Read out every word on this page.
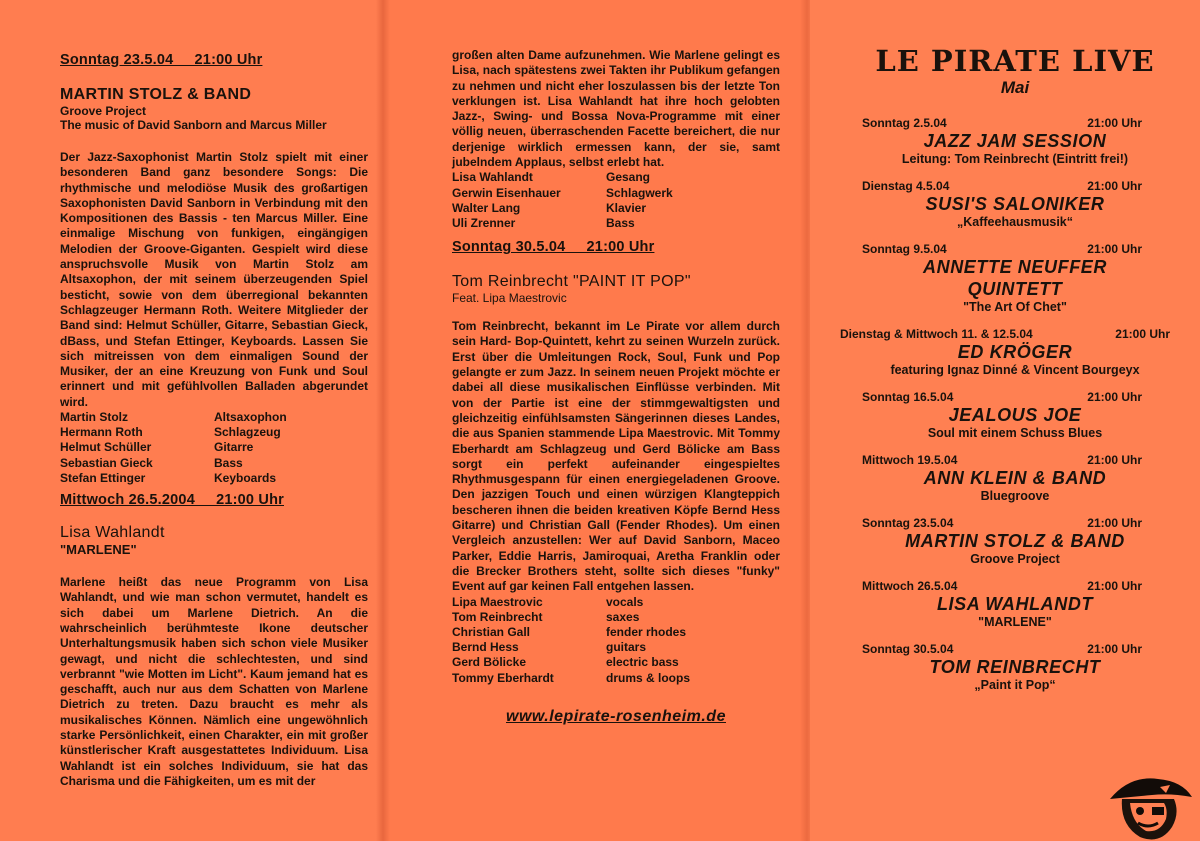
Sonntag 23.5.04     21:00 Uhr

MARTIN STOLZ & BAND

Groove Project

The music of David Sanborn and Marcus Miller

Der Jazz-Saxophonist Martin Stolz spielt mit einer besonderen Band ganz besondere Songs: Die rhythmische und melodiöse Musik des großartigen Saxophonisten David Sanborn in Verbindung mit den Kompositionen des Bassis - ten Marcus Miller. Eine einmalige Mischung von funkigen, eingängigen Melodien der Groove-Giganten. Gespielt wird diese anspruchsvolle Musik von Martin Stolz am Altsaxophon, der mit seinem überzeugenden Spiel besticht, sowie von dem überregional bekannten Schlagzeuger Hermann Roth. Weitere Mitglieder der Band sind: Helmut Schüller, Gitarre, Sebastian Gieck, dBass, und Stefan Ettinger, Keyboards. Lassen Sie sich mitreissen von dem einmaligen Sound der Musiker, der an eine Kreuzung von Funk und Soul erinnert und mit gefühlvollen Balladen abgerundet wird.

Martin Stolz	Altsaxophon
Hermann Roth	Schlagzeug
Helmut Schüller	Gitarre
Sebastian Gieck	Bass
Stefan Ettinger	Keyboards

Mittwoch 26.5.2004     21:00 Uhr

Lisa Wahlandt

"MARLENE"

Marlene heißt das neue Programm von Lisa Wahlandt, und wie man schon vermutet, handelt es sich dabei um Marlene Dietrich. An die wahrscheinlich berühmteste Ikone deutscher Unterhaltungsmusik haben sich schon viele Musiker gewagt, und nicht die schlechtesten, und sind verbrannt "wie Motten im Licht". Kaum jemand hat es geschafft, auch nur aus dem Schatten von Marlene Dietrich zu treten. Dazu braucht es mehr als musikalisches Können. Nämlich eine ungewöhnlich starke Persönlichkeit, einen Charakter, ein mit großer künstlerischer Kraft ausgestattetes Individuum. Lisa Wahlandt ist ein solches Individuum, sie hat das Charisma und die Fähigkeiten, um es mit der

großen alten Dame aufzunehmen. Wie Marlene gelingt es Lisa, nach spätestens zwei Takten ihr Publikum gefangen zu nehmen und nicht eher loszulassen bis der letzte Ton verklungen ist. Lisa Wahlandt hat ihre hoch gelobten Jazz-, Swing- und Bossa Nova-Programme mit einer völlig neuen, überraschenden Facette bereichert, die nur derjenige wirklich ermessen kann, der sie, samt jubelndem Applaus, selbst erlebt hat.

Lisa Wahlandt	Gesang
Gerwin Eisenhauer	Schlagwerk
Walter Lang	Klavier
Uli Zrenner	Bass

Sonntag 30.5.04     21:00 Uhr

Tom Reinbrecht "PAINT IT POP"

Feat. Lipa Maestrovic

Tom Reinbrecht, bekannt im Le Pirate vor allem durch sein Hard- Bop-Quintett, kehrt zu seinen Wurzeln zurück. Erst über die Umleitungen Rock, Soul, Funk und Pop gelangte er zum Jazz. In seinem neuen Projekt möchte er dabei all diese musikalischen Einflüsse verbinden. Mit von der Partie ist eine der stimmgewaltigsten und gleichzeitig einfühlsamsten Sängerinnen dieses Landes, die aus Spanien stammende Lipa Maestrovic. Mit Tommy Eberhardt am Schlagzeug und Gerd Bölicke am Bass sorgt ein perfekt aufeinander eingespieltes Rhythmusgespann für einen energiegeladenen Groove. Den jazzigen Touch und einen würzigen Klangteppich bescheren ihnen die beiden kreativen Köpfe Bernd Hess Gitarre) und Christian Gall (Fender Rhodes). Um einen Vergleich anzustellen: Wer auf David Sanborn, Maceo Parker, Eddie Harris, Jamiroquai, Aretha Franklin oder die Brecker Brothers steht, sollte sich dieses "funky" Event auf gar keinen Fall entgehen lassen.

Lipa Maestrovic	vocals
Tom Reinbrecht	saxes
Christian Gall	fender rhodes
Bernd Hess	guitars
Gerd Bölicke	electric bass
Tommy Eberhardt	drums & loops

www.lepirate-rosenheim.de

LE PIRATE LIVE

Mai

Sonntag 2.5.04	21:00 Uhr

JAZZ JAM SESSION

Leitung: Tom Reinbrecht (Eintritt frei!)

Dienstag 4.5.04	21:00 Uhr

SUSI'S SALONIKER

„Kaffeehausmusik“

Sonntag 9.5.04	21:00 Uhr

ANNETTE NEUFFER

QUINTETT

"The Art Of Chet"

Dienstag & Mittwoch 11. & 12.5.04	21:00 Uhr

ED KRÖGER

featuring Ignaz Dinné & Vincent Bourgeyx

Sonntag 16.5.04	21:00 Uhr

JEALOUS JOE

Soul mit einem Schuss Blues

Mittwoch 19.5.04	21:00 Uhr

ANN KLEIN & BAND

Bluegroove

Sonntag 23.5.04	21:00 Uhr

MARTIN STOLZ & BAND

Groove Project

Mittwoch 26.5.04	21:00 Uhr

LISA WAHLANDT

"MARLENE"

Sonntag 30.5.04	21:00 Uhr

TOM REINBRECHT

„Paint it Pop“
